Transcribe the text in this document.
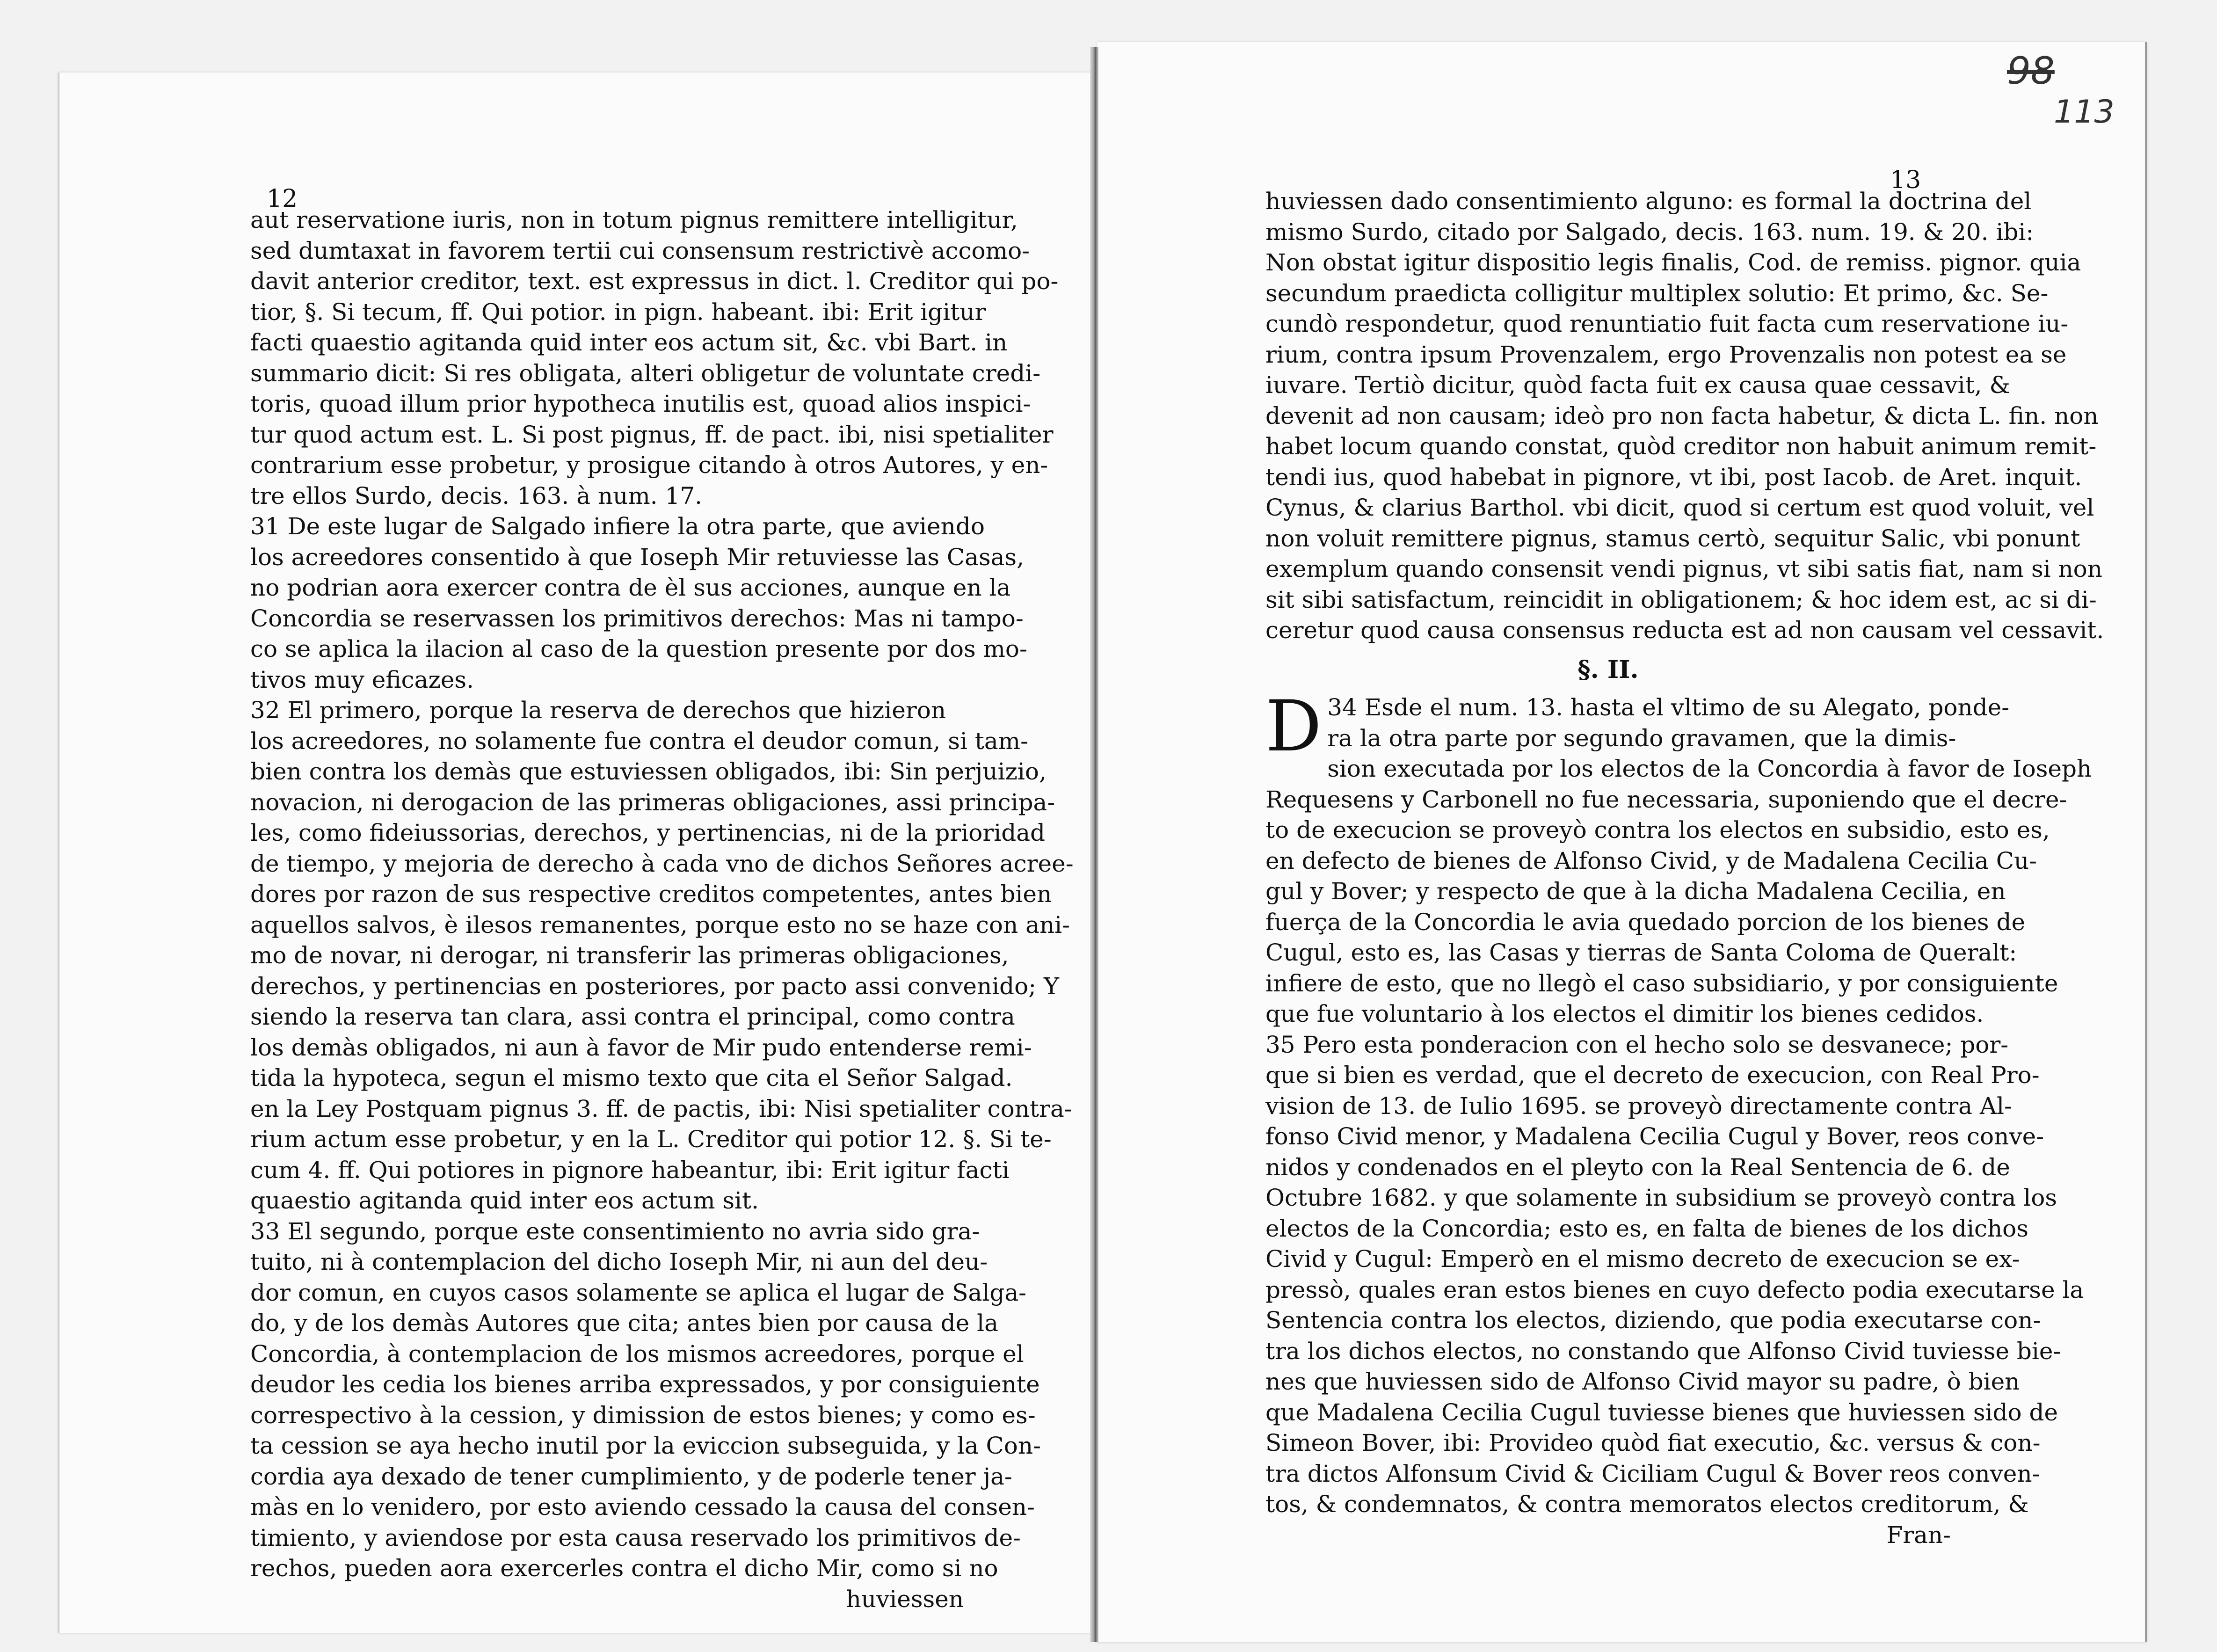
98
113
12
13
aut reservatione iuris, non in totum pignus remittere intelligitur,
sed dumtaxat in favorem tertii cui consensum restrictivè accomo-
davit anterior creditor, text. est expressus in dict. l. Creditor qui po-
tior, §. Si tecum, ff. Qui potior. in pign. habeant. ibi: Erit igitur
facti quaestio agitanda quid inter eos actum sit, &c. vbi Bart. in
summario dicit: Si res obligata, alteri obligetur de voluntate credi-
toris, quoad illum prior hypotheca inutilis est, quoad alios inspici-
tur quod actum est. L. Si post pignus, ff. de pact. ibi, nisi spetialiter
contrarium esse probetur, y prosigue citando à otros Autores, y en-
tre ellos Surdo, decis. 163. à num. 17.
31 De este lugar de Salgado infiere la otra parte, que aviendo
los acreedores consentido à que Ioseph Mir retuviesse las Casas,
no podrian aora exercer contra de èl sus acciones, aunque en la
Concordia se reservassen los primitivos derechos: Mas ni tampo-
co se aplica la ilacion al caso de la question presente por dos mo-
tivos muy eficazes.
32 El primero, porque la reserva de derechos que hizieron
los acreedores, no solamente fue contra el deudor comun, si tam-
bien contra los demàs que estuviessen obligados, ibi: Sin perjuizio,
novacion, ni derogacion de las primeras obligaciones, assi principa-
les, como fideiussorias, derechos, y pertinencias, ni de la prioridad
de tiempo, y mejoria de derecho à cada vno de dichos Señores acree-
dores por razon de sus respective creditos competentes, antes bien
aquellos salvos, è ilesos remanentes, porque esto no se haze con ani-
mo de novar, ni derogar, ni transferir las primeras obligaciones,
derechos, y pertinencias en posteriores, por pacto assi convenido; Y
siendo la reserva tan clara, assi contra el principal, como contra
los demàs obligados, ni aun à favor de Mir pudo entenderse remi-
tida la hypoteca, segun el mismo texto que cita el Señor Salgad.
en la Ley Postquam pignus 3. ff. de pactis, ibi: Nisi spetialiter contra-
rium actum esse probetur, y en la L. Creditor qui potior 12. §. Si te-
cum 4. ff. Qui potiores in pignore habeantur, ibi: Erit igitur facti
quaestio agitanda quid inter eos actum sit.
33 El segundo, porque este consentimiento no avria sido gra-
tuito, ni à contemplacion del dicho Ioseph Mir, ni aun del deu-
dor comun, en cuyos casos solamente se aplica el lugar de Salga-
do, y de los demàs Autores que cita; antes bien por causa de la
Concordia, à contemplacion de los mismos acreedores, porque el
deudor les cedia los bienes arriba expressados, y por consiguiente
correspectivo à la cession, y dimission de estos bienes; y como es-
ta cession se aya hecho inutil por la eviccion subseguida, y la Con-
cordia aya dexado de tener cumplimiento, y de poderle tener ja-
màs en lo venidero, por esto aviendo cessado la causa del consen-
timiento, y aviendose por esta causa reservado los primitivos de-
rechos, pueden aora exercerles contra el dicho Mir, como si no
huviessen
huviessen dado consentimiento alguno: es formal la doctrina del
mismo Surdo, citado por Salgado, decis. 163. num. 19. & 20. ibi:
Non obstat igitur dispositio legis finalis, Cod. de remiss. pignor. quia
secundum praedicta colligitur multiplex solutio: Et primo, &c. Se-
cundò respondetur, quod renuntiatio fuit facta cum reservatione iu-
rium, contra ipsum Provenzalem, ergo Provenzalis non potest ea se
iuvare. Tertiò dicitur, quòd facta fuit ex causa quae cessavit, &
devenit ad non causam; ideò pro non facta habetur, & dicta L. fin. non
habet locum quando constat, quòd creditor non habuit animum remit-
tendi ius, quod habebat in pignore, vt ibi, post Iacob. de Aret. inquit.
Cynus, & clarius Barthol. vbi dicit, quod si certum est quod voluit, vel
non voluit remittere pignus, stamus certò, sequitur Salic, vbi ponunt
exemplum quando consensit vendi pignus, vt sibi satis fiat, nam si non
sit sibi satisfactum, reincidit in obligationem; & hoc idem est, ac si di-
ceretur quod causa consensus reducta est ad non causam vel cessavit.
§. II.
D 34 Esde el num. 13. hasta el vltimo de su Alegato, ponde-
ra la otra parte por segundo gravamen, que la dimis-
sion executada por los electos de la Concordia à favor de Ioseph
Requesens y Carbonell no fue necessaria, suponiendo que el decre-
to de execucion se proveyò contra los electos en subsidio, esto es,
en defecto de bienes de Alfonso Civid, y de Madalena Cecilia Cu-
gul y Bover; y respecto de que à la dicha Madalena Cecilia, en
fuerça de la Concordia le avia quedado porcion de los bienes de
Cugul, esto es, las Casas y tierras de Santa Coloma de Queralt:
infiere de esto, que no llegò el caso subsidiario, y por consiguiente
que fue voluntario à los electos el dimitir los bienes cedidos.
35 Pero esta ponderacion con el hecho solo se desvanece; por-
que si bien es verdad, que el decreto de execucion, con Real Pro-
vision de 13. de Iulio 1695. se proveyò directamente contra Al-
fonso Civid menor, y Madalena Cecilia Cugul y Bover, reos conve-
nidos y condenados en el pleyto con la Real Sentencia de 6. de
Octubre 1682. y que solamente in subsidium se proveyò contra los
electos de la Concordia; esto es, en falta de bienes de los dichos
Civid y Cugul: Emperò en el mismo decreto de execucion se ex-
pressò, quales eran estos bienes en cuyo defecto podia executarse la
Sentencia contra los electos, diziendo, que podia executarse con-
tra los dichos electos, no constando que Alfonso Civid tuviesse bie-
nes que huviessen sido de Alfonso Civid mayor su padre, ò bien
que Madalena Cecilia Cugul tuviesse bienes que huviessen sido de
Simeon Bover, ibi: Provideo quòd fiat executio, &c. versus & con-
tra dictos Alfonsum Civid & Ciciliam Cugul & Bover reos conven-
tos, & condemnatos, & contra memoratos electos creditorum, &
Fran-
